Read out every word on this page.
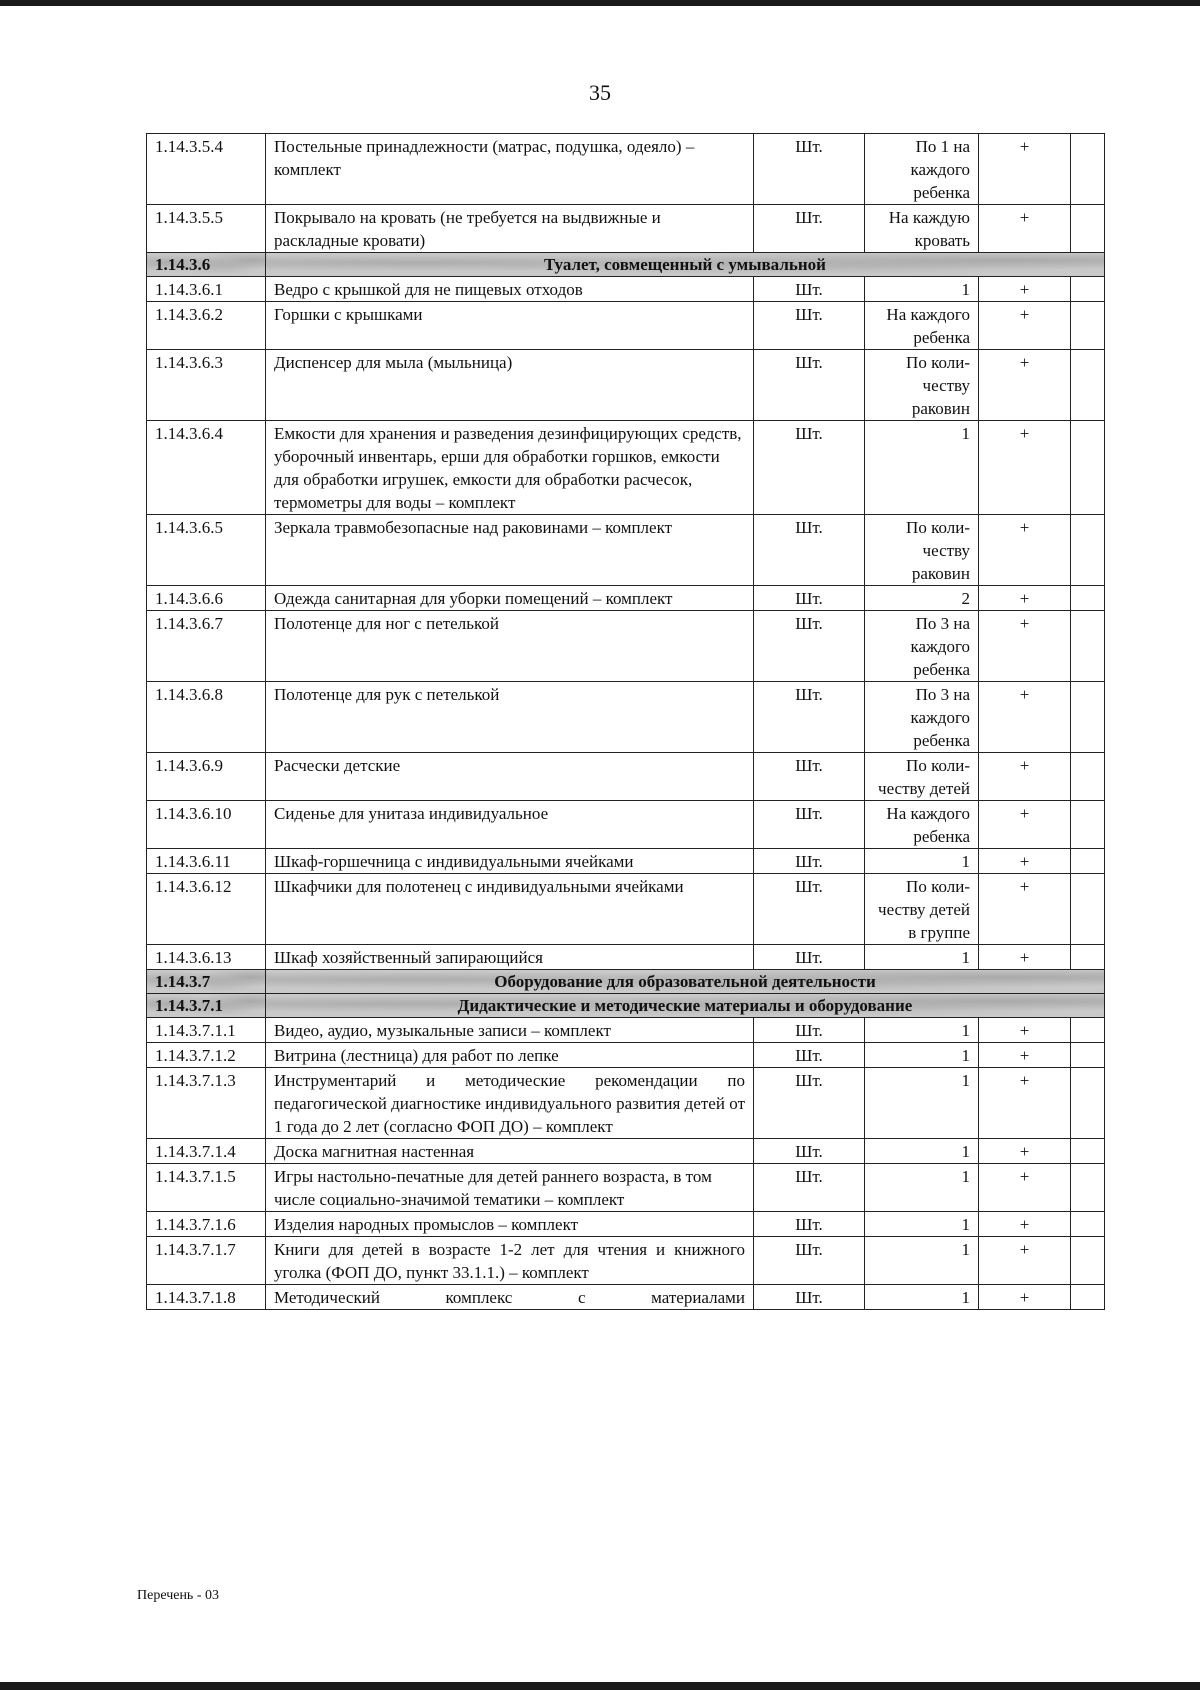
35
1.14.3.5.4	Постельные принадлежности (матрас, подушка, одеяло) – комплект	Шт.	По 1 на каждого ребенка	+	
1.14.3.5.5	Покрывало на кровать (не требуется на выдвижные и раскладные кровати)	Шт.	На каждую кровать	+	
1.14.3.6	Туалет, совмещенный с умывальной				
1.14.3.6.1	Ведро с крышкой для не пищевых отходов	Шт.	1	+	
1.14.3.6.2	Горшки с крышками	Шт.	На каждого ребенка	+	
1.14.3.6.3	Диспенсер для мыла (мыльница)	Шт.	По коли-честву раковин	+	
1.14.3.6.4	Емкости для хранения и разведения дезинфицирующих средств, уборочный инвентарь, ерши для обработки горшков, емкости для обработки игрушек, емкости для обработки расчесок, термометры для воды – комплект	Шт.	1	+	
1.14.3.6.5	Зеркала травмобезопасные над раковинами – комплект	Шт.	По коли-честву раковин	+	
1.14.3.6.6	Одежда санитарная для уборки помещений – комплект	Шт.	2	+	
1.14.3.6.7	Полотенце для ног с петелькой	Шт.	По 3 на каждого ребенка	+	
1.14.3.6.8	Полотенце для рук с петелькой	Шт.	По 3 на каждого ребенка	+	
1.14.3.6.9	Расчески детские	Шт.	По коли-честву детей	+	
1.14.3.6.10	Сиденье для унитаза индивидуальное	Шт.	На каждого ребенка	+	
1.14.3.6.11	Шкаф-горшечница с индивидуальными ячейками	Шт.	1	+	
1.14.3.6.12	Шкафчики для полотенец с индивидуальными ячейками	Шт.	По коли-честву детей в группе	+	
1.14.3.6.13	Шкаф хозяйственный запирающийся	Шт.	1	+	
1.14.3.7	Оборудование для образовательной деятельности				
1.14.3.7.1	Дидактические и методические материалы и оборудование				
1.14.3.7.1.1	Видео, аудио, музыкальные записи – комплект	Шт.	1	+	
1.14.3.7.1.2	Витрина (лестница) для работ по лепке	Шт.	1	+	
1.14.3.7.1.3	Инструментарий и методические рекомендации по педагогической диагностике индивидуального развития детей от 1 года до 2 лет (согласно ФОП ДО) – комплект	Шт.	1	+	
1.14.3.7.1.4	Доска магнитная настенная	Шт.	1	+	
1.14.3.7.1.5	Игры настольно-печатные для детей раннего возраста, в том числе социально-значимой тематики – комплект	Шт.	1	+	
1.14.3.7.1.6	Изделия народных промыслов – комплект	Шт.	1	+	
1.14.3.7.1.7	Книги для детей в возрасте 1-2 лет для чтения и книжного уголка (ФОП ДО, пункт 33.1.1.) – комплект	Шт.	1	+	
1.14.3.7.1.8	Методический комплекс с материалами	Шт.	1	+	
Перечень - 03
